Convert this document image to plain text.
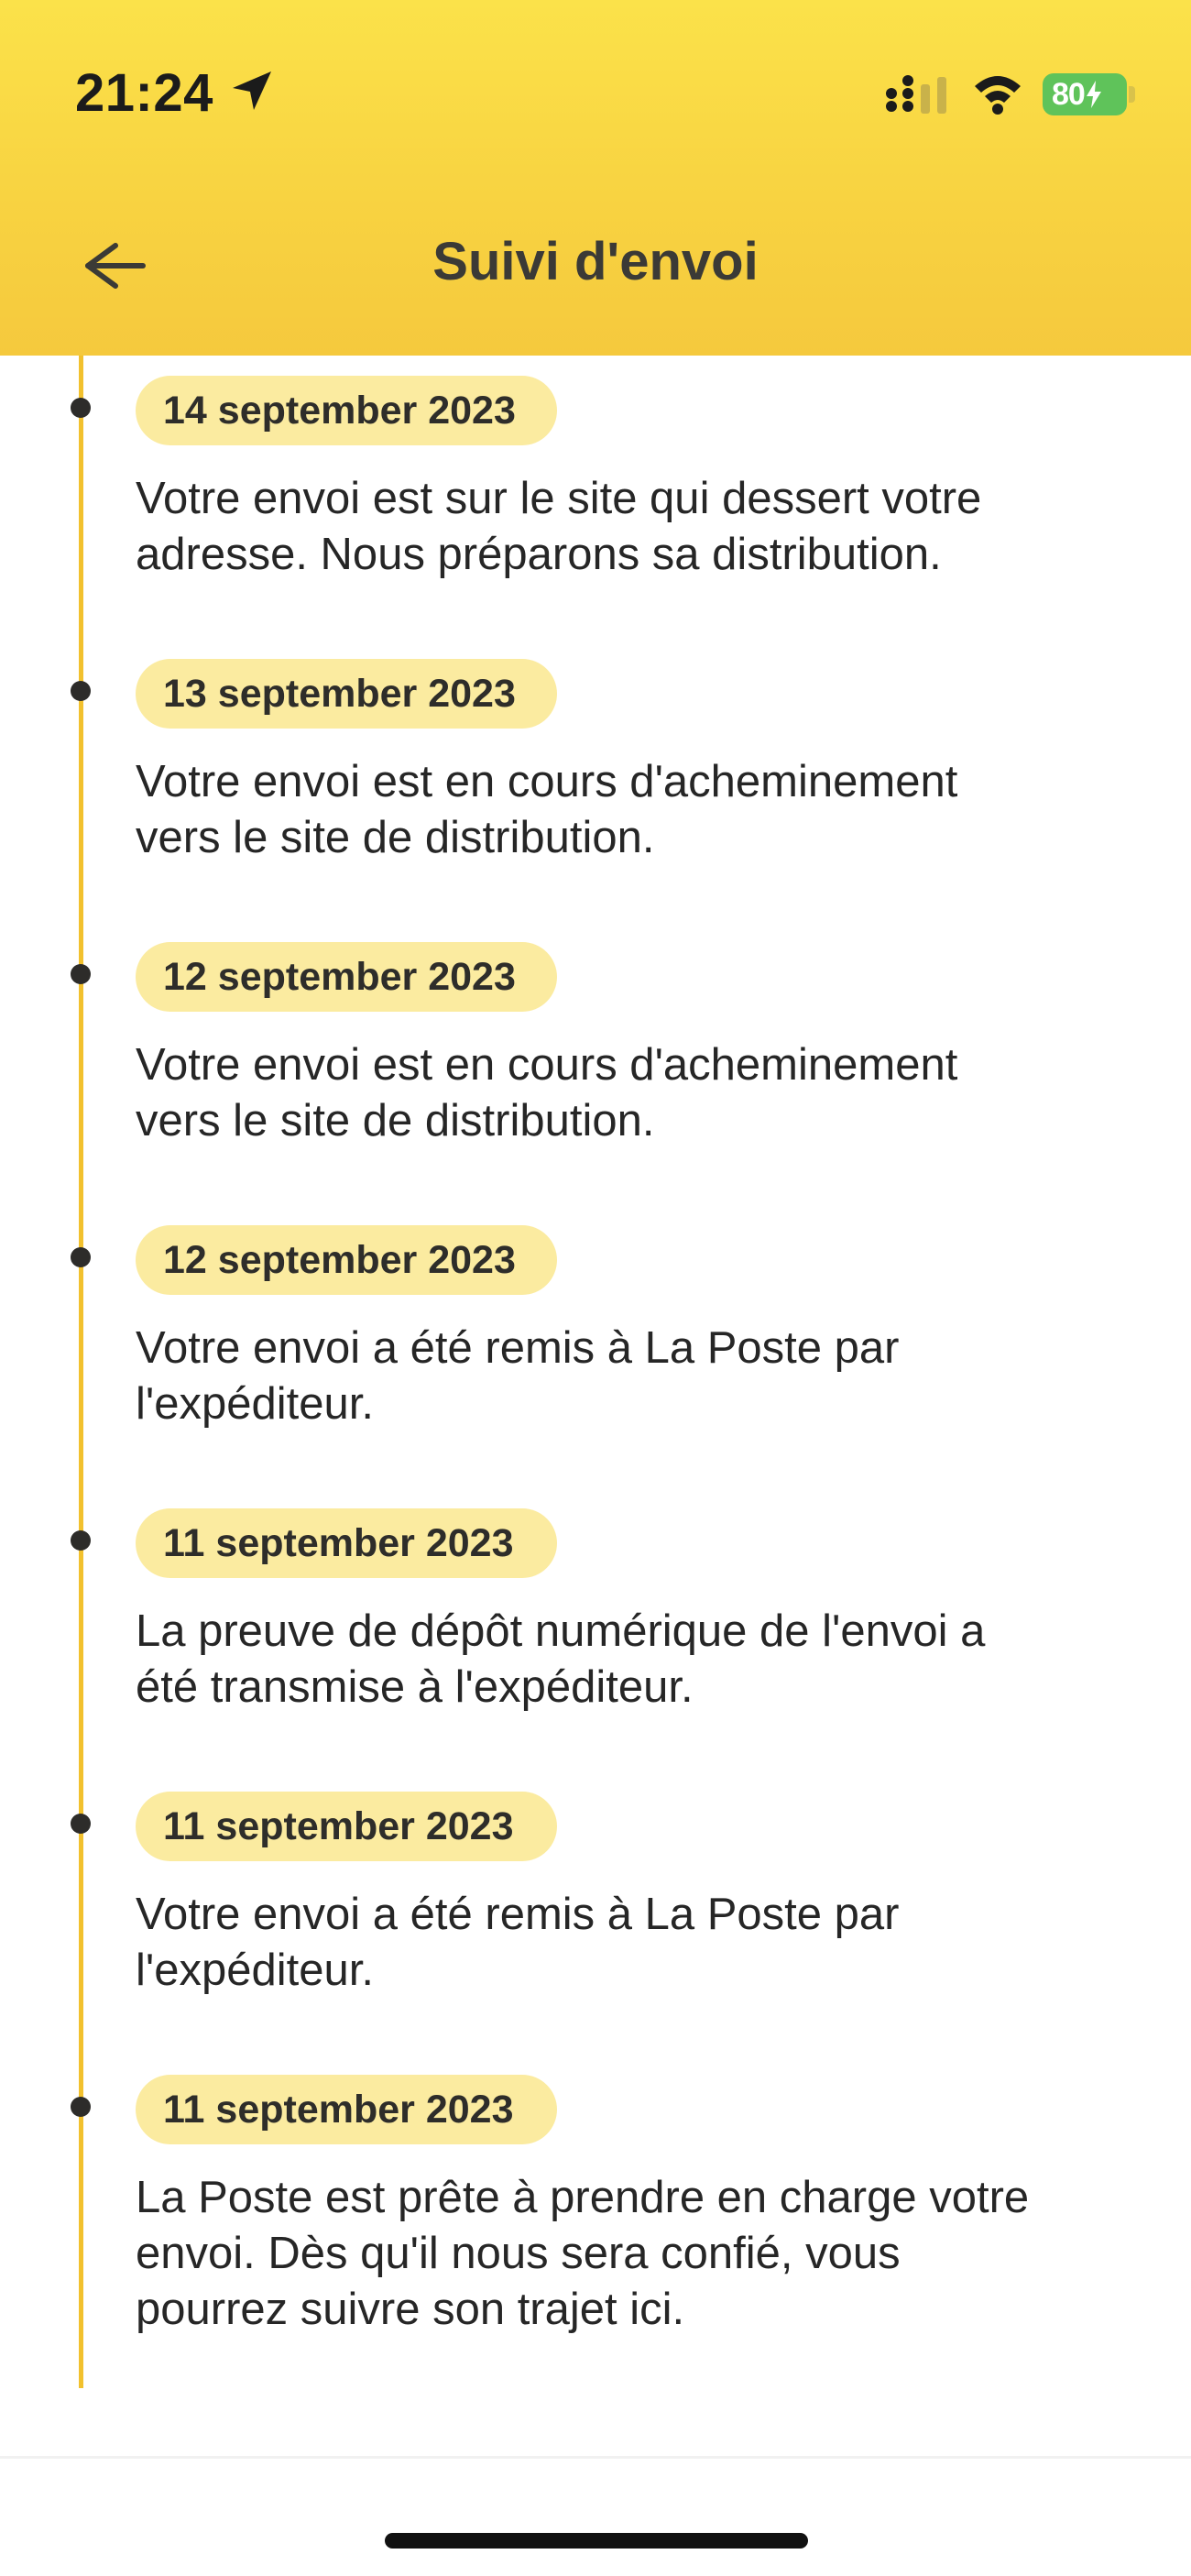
21:24	80
Suivi d'envoi
14 september 2023
Votre envoi est sur le site qui dessert votre
adresse. Nous préparons sa distribution.
13 september 2023
Votre envoi est en cours d'acheminement
vers le site de distribution.
12 september 2023
Votre envoi est en cours d'acheminement
vers le site de distribution.
12 september 2023
Votre envoi a été remis à La Poste par
l'expéditeur.
11 september 2023
La preuve de dépôt numérique de l'envoi a
été transmise à l'expéditeur.
11 september 2023
Votre envoi a été remis à La Poste par
l'expéditeur.
11 september 2023
La Poste est prête à prendre en charge votre
envoi. Dès qu'il nous sera confié, vous
pourrez suivre son trajet ici.
